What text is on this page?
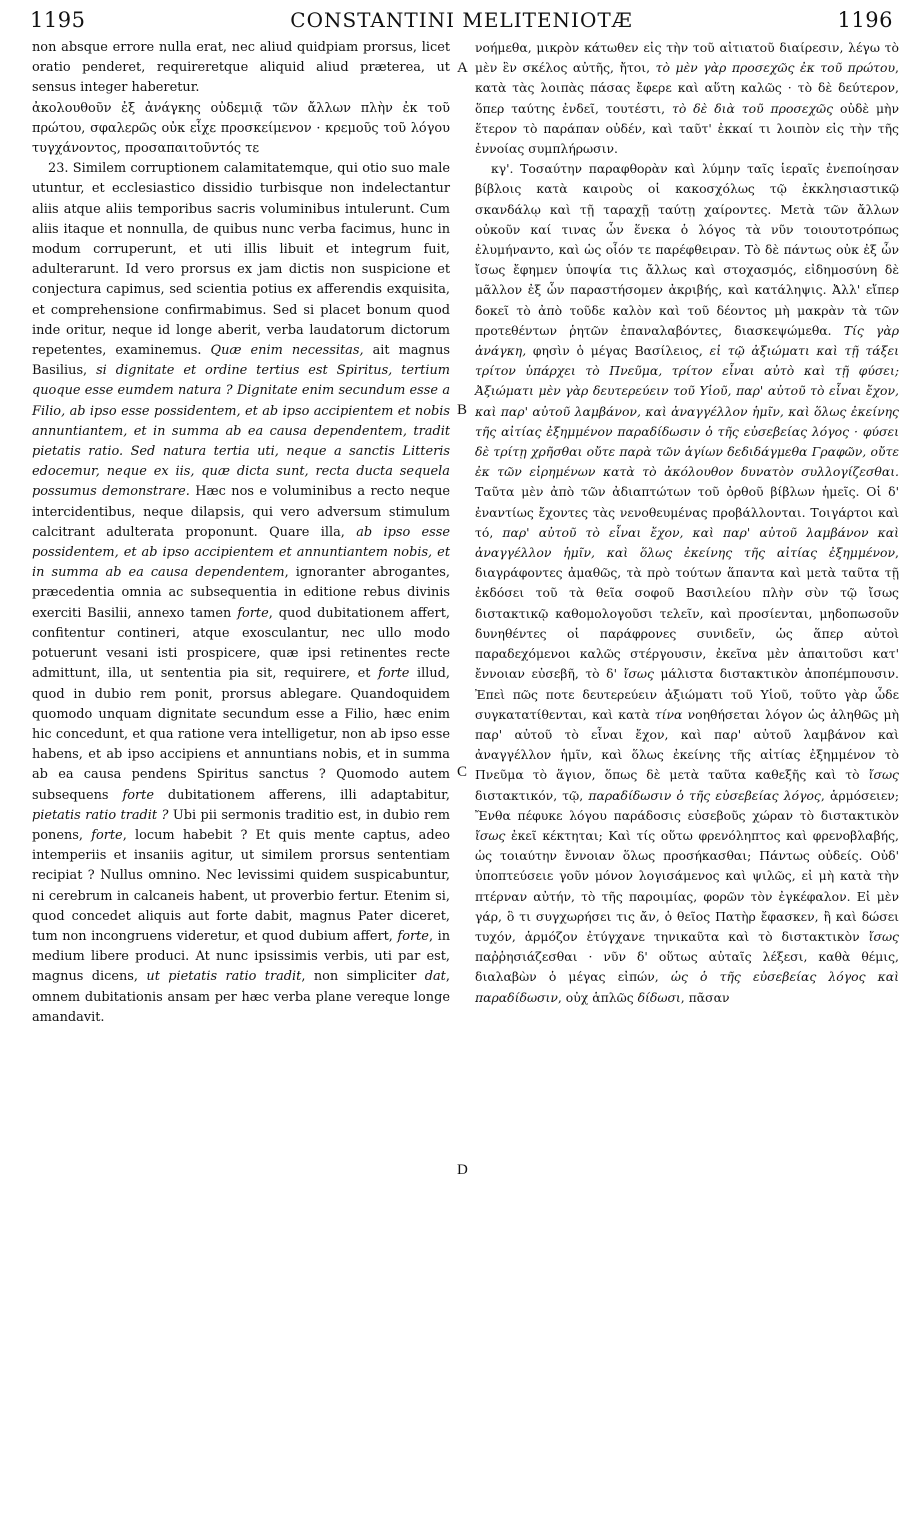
1195	CONSTANTINI MELITENIOTÆ	1196
A
B
C
D

non absque errore nulla erat, nec aliud quidpiam prorsus, licet oratio penderet, requireretque aliquid aliud præterea, ut sensus integer haberetur.

ἀκολουθοῦν ἐξ ἀνάγκης οὐδεμιᾷ τῶν ἄλλων πλὴν ἐκ τοῦ πρώτου, σφαλερῶς οὐκ εἶχε προσκείμενον · κρεμοῦς τοῦ λόγου τυγχάνοντος, προσαπαιτοῦντός τε

23. Similem corruptionem calamitatemque, qui otio suo male utuntur, et ecclesiastico dissidio turbisque non indelectantur aliis atque aliis temporibus sacris voluminibus intulerunt. Cum aliis itaque et nonnulla, de quibus nunc verba facimus, hunc in modum corruperunt, et uti illis libuit et integrum fuit, adulterarunt. Id vero prorsus ex jam dictis non suspicione et conjectura capimus, sed scientia potius ex afferendis exquisita, et comprehensione confirmabimus. Sed si placet bonum quod inde oritur, neque id longe aberit, verba laudatorum dictorum repetentes, examinemus. Quæ enim necessitas, ait magnus Basilius, si dignitate et ordine tertius est Spiritus, tertium quoque esse eumdem natura ? Dignitate enim secundum esse a Filio, ab ipso esse possidentem, et ab ipso accipientem et nobis annuntiantem, et in summa ab ea causa dependentem, tradit pietatis ratio. Sed natura tertia uti, neque a sanctis Litteris edocemur, neque ex iis, quæ dicta sunt, recta ducta sequela possumus demonstrare. Hæc nos e voluminibus a recto neque intercidentibus, neque dilapsis, qui vero adversum stimulum calcitrant adulterata proponunt. Quare illa, ab ipso esse possidentem, et ab ipso accipientem et annuntiantem nobis, et in summa ab ea causa dependentem, ignoranter abrogantes, præcedentia omnia ac subsequentia in editione rebus divinis exerciti Basilii, annexo tamen forte, quod dubitationem affert, confitentur contineri, atque exosculantur, nec ullo modo potuerunt vesani isti prospicere, quæ ipsi retinentes recte admittunt, illa, ut sententia pia sit, requirere, et forte illud, quod in dubio rem ponit, prorsus ablegare. Quandoquidem quomodo unquam dignitate secundum esse a Filio, hæc enim hic concedunt, et qua ratione vera intelligetur, non ab ipso esse habens, et ab ipso accipiens et annuntians nobis, et in summa ab ea causa pendens Spiritus sanctus ? Quomodo autem subsequens forte dubitationem afferens, illi adaptabitur, pietatis ratio tradit ? Ubi pii sermonis traditio est, in dubio rem ponens, forte, locum habebit ? Et quis mente captus, adeo intemperiis et insaniis agitur, ut similem prorsus sententiam recipiat ? Nullus omnino. Nec levissimi quidem suspicabuntur, ni cerebrum in calcaneis habent, ut proverbio fertur. Etenim si, quod concedet aliquis aut forte dabit, magnus Pater diceret, tum non incongruens videretur, et quod dubium affert, forte, in medium libere produci. At nunc ipsissimis verbis, uti par est, magnus dicens, ut pietatis ratio tradit, non simpliciter dat, omnem dubitationis ansam per hæc verba plane vereque longe amandavit.

νοήμεθα, μικρὸν κάτωθεν εἰς τὴν τοῦ αἰτιατοῦ διαίρεσιν, λέγω τὸ μὲν ἓν σκέλος αὐτῆς, ἤτοι, τὸ μὲν γὰρ προσεχῶς ἐκ τοῦ πρώτου, κατὰ τὰς λοιπὰς πάσας ἔφερε καὶ αὕτη καλῶς · τὸ δὲ δεύτερον, ὅπερ ταύτης ἐνδεῖ, τουτέστι, τὸ δὲ διὰ τοῦ προσεχῶς οὐδὲ μὴν ἕτερον τὸ παράπαν οὐδέν, καὶ ταῦτ' ἐκκαί τι λοιπὸν εἰς τὴν τῆς ἐννοίας συμπλήρωσιν.

κγ'. Τοσαύτην παραφθορὰν καὶ λύμην ταῖς ἱεραῖς ἐνεποίησαν βίβλοις κατὰ καιροὺς οἱ κακοσχόλως τῷ ἐκκλησιαστικῷ σκανδάλῳ καὶ τῇ ταραχῇ ταύτῃ χαίροντες. Μετὰ τῶν ἄλλων οὐκοῦν καί τινας ὧν ἕνεκα ὁ λόγος τὰ νῦν τοιουτοτρόπως ἐλυμήναντο, καὶ ὡς οἷόν τε παρέφθειραν. Τὸ δὲ πάντως οὐκ ἐξ ὧν ἴσως ἔφημεν ὑποψία τις ἄλλως καὶ στοχασμός, εἰδημοσύνη δὲ μᾶλλον ἐξ ὧν παραστήσομεν ἀκριβής, καὶ κατάληψις. Ἀλλ' εἴπερ δοκεῖ τὸ ἀπὸ τοῦδε καλὸν καὶ τοῦ δέοντος μὴ μακρὰν τὰ τῶν προτεθέντων ῥητῶν ἐπαναλαβόντες, διασκεψώμεθα. Τίς γὰρ ἀνάγκη, φησὶν ὁ μέγας Βασίλειος, εἰ τῷ ἀξιώματι καὶ τῇ τάξει τρίτον ὑπάρχει τὸ Πνεῦμα, τρίτον εἶναι αὐτὸ καὶ τῇ φύσει; Ἀξιώματι μὲν γὰρ δευτερεύειν τοῦ Υἱοῦ, παρ' αὐτοῦ τὸ εἶναι ἔχον, καὶ παρ' αὐτοῦ λαμβάνον, καὶ ἀναγγέλλον ἡμῖν, καὶ ὅλως ἐκείνης τῆς αἰτίας ἐξημμένον παραδίδωσιν ὁ τῆς εὐσεβείας λόγος · φύσει δὲ τρίτῃ χρῆσθαι οὔτε παρὰ τῶν ἁγίων δεδιδάγμεθα Γραφῶν, οὔτε ἐκ τῶν εἰρημένων κατὰ τὸ ἀκόλουθον δυνατὸν συλλογίζεσθαι. Ταῦτα μὲν ἀπὸ τῶν ἀδιαπτώτων τοῦ ὀρθοῦ βίβλων ἡμεῖς. Οἱ δ' ἐναντίως ἔχοντες τὰς νενοθευμένας προβάλλονται. Τοιγάρτοι καὶ τό, παρ' αὐτοῦ τὸ εἶναι ἔχον, καὶ παρ' αὐτοῦ λαμβάνον καὶ ἀναγγέλλον ἡμῖν, καὶ ὅλως ἐκείνης τῆς αἰτίας ἐξημμένον, διαγράφοντες ἀμαθῶς, τὰ πρὸ τούτων ἅπαντα καὶ μετὰ ταῦτα τῇ ἐκδόσει τοῦ τὰ θεῖα σοφοῦ Βασιλείου πλὴν σὺν τῷ ἴσως διστακτικῷ καθομολογοῦσι τελεῖν, καὶ προσίενται, μηδοπωσοῦν δυνηθέντες οἱ παράφρονες συνιδεῖν, ὡς ἅπερ αὐτοὶ παραδεχόμενοι καλῶς στέργουσιν, ἐκεῖνα μὲν ἀπαιτοῦσι κατ' ἔννοιαν εὐσεβῆ, τὸ δ' ἴσως μάλιστα διστακτικὸν ἀποπέμπουσιν. Ἐπεὶ πῶς ποτε δευτερεύειν ἀξιώματι τοῦ Υἱοῦ, τοῦτο γὰρ ὧδε συγκατατίθενται, καὶ κατὰ τίνα νοηθήσεται λόγον ὡς ἀληθῶς μὴ παρ' αὐτοῦ τὸ εἶναι ἔχον, καὶ παρ' αὐτοῦ λαμβάνον καὶ ἀναγγέλλον ἡμῖν, καὶ ὅλως ἐκείνης τῆς αἰτίας ἐξημμένον τὸ Πνεῦμα τὸ ἅγιον, ὅπως δὲ μετὰ ταῦτα καθεξῆς καὶ τὸ ἴσως διστακτικόν, τῷ, παραδίδωσιν ὁ τῆς εὐσεβείας λόγος, ἁρμόσειεν; Ἔνθα πέφυκε λόγου παράδοσις εὐσεβοῦς χώραν τὸ διστακτικὸν ἴσως ἐκεῖ κέκτηται; Καὶ τίς οὕτω φρενόληπτος καὶ φρενοβλαβής, ὡς τοιαύτην ἔννοιαν ὅλως προσήκασθαι; Πάντως οὐδείς. Οὐδ' ὑποπτεύσειε γοῦν μόνον λογισάμενος καὶ ψιλῶς, εἰ μὴ κατὰ τὴν πτέρναν αὐτήν, τὸ τῆς παροιμίας, φορῶν τὸν ἐγκέφαλον. Εἰ μὲν γάρ, ὃ τι συγχωρήσει τις ἄν, ὁ θεῖος Πατὴρ ἔφασκεν, ἢ καὶ δώσει τυχόν, ἁρμόζον ἐτύγχανε τηνικαῦτα καὶ τὸ διστακτικὸν ἴσως παῤῥησιάζεσθαι · νῦν δ' οὕτως αὐταῖς λέξεσι, καθὰ θέμις, διαλαβὼν ὁ μέγας εἰπών, ὡς ὁ τῆς εὐσεβείας λόγος καὶ παραδίδωσιν, οὐχ ἁπλῶς δίδωσι, πᾶσαν
